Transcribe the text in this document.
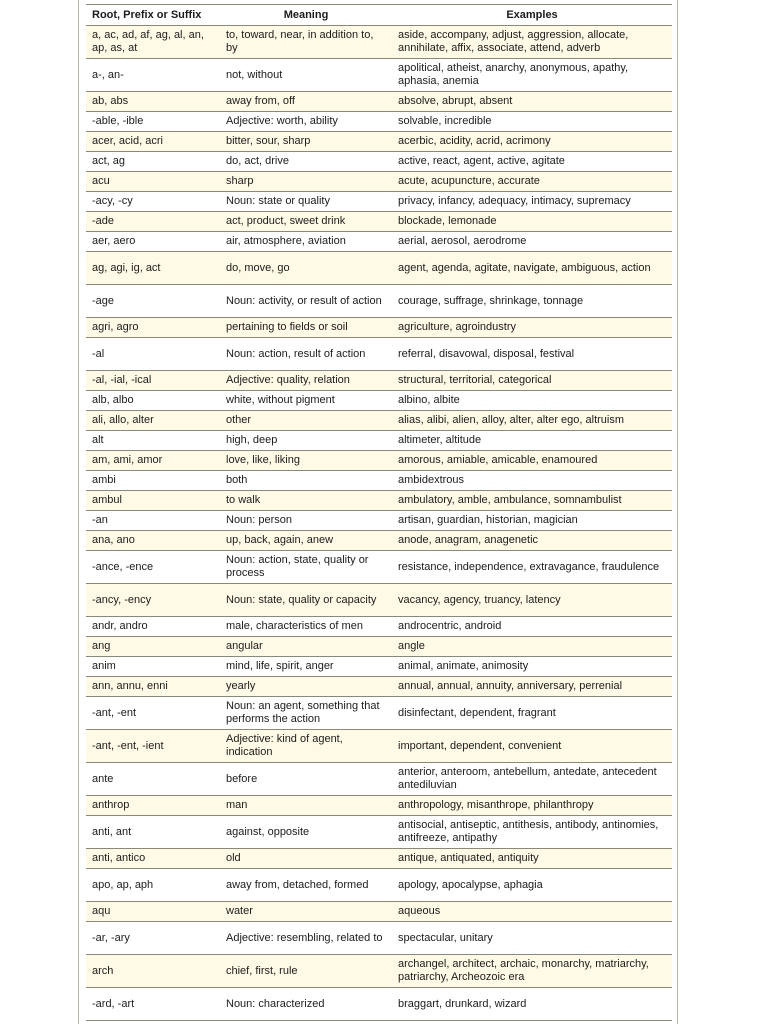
Root, Prefix or Suffix	Meaning	Examples
a, ac, ad, af, ag, al, an, ap, as, at	to, toward, near, in addition to, by	aside, accompany, adjust, aggression, allocate, annihilate, affix, associate, attend, adverb
a-, an-	not, without	apolitical, atheist, anarchy, anonymous, apathy, aphasia, anemia
ab, abs	away from, off	absolve, abrupt, absent
-able, -ible	Adjective: worth, ability	solvable, incredible
acer, acid, acri	bitter, sour, sharp	acerbic, acidity, acrid, acrimony
act, ag	do, act, drive	active, react, agent, active, agitate
acu	sharp	acute, acupuncture, accurate
-acy, -cy	Noun: state or quality	privacy, infancy, adequacy, intimacy, supremacy
-ade	act, product, sweet drink	blockade, lemonade
aer, aero	air, atmosphere, aviation	aerial, aerosol, aerodrome
ag, agi, ig, act	do, move, go	agent, agenda, agitate, navigate, ambiguous, action
-age	Noun: activity, or result of action	courage, suffrage, shrinkage, tonnage
agri, agro	pertaining to fields or soil	agriculture, agroindustry
-al	Noun: action, result of action	referral, disavowal, disposal, festival
-al, -ial, -ical	Adjective: quality, relation	structural, territorial, categorical
alb, albo	white, without pigment	albino, albite
ali, allo, alter	other	alias, alibi, alien, alloy, alter, alter ego, altruism
alt	high, deep	altimeter, altitude
am, ami, amor	love, like, liking	amorous, amiable, amicable, enamoured
ambi	both	ambidextrous
ambul	to walk	ambulatory, amble, ambulance, somnambulist
-an	Noun: person	artisan, guardian, historian, magician
ana, ano	up, back, again, anew	anode, anagram, anagenetic
-ance, -ence	Noun: action, state, quality or process	resistance, independence, extravagance, fraudulence
-ancy, -ency	Noun: state, quality or capacity	vacancy, agency, truancy, latency
andr, andro	male, characteristics of men	androcentric, android
ang	angular	angle
anim	mind, life, spirit, anger	animal, animate, animosity
ann, annu, enni	yearly	annual, annual, annuity, anniversary, perrenial
-ant, -ent	Noun: an agent, something that performs the action	disinfectant, dependent, fragrant
-ant, -ent, -ient	Adjective: kind of agent, indication	important, dependent, convenient
ante	before	anterior, anteroom, antebellum, antedate, antecedent antediluvian
anthrop	man	anthropology, misanthrope, philanthropy
anti, ant	against, opposite	antisocial, antiseptic, antithesis, antibody, antinomies, antifreeze, antipathy
anti, antico	old	antique, antiquated, antiquity
apo, ap, aph	away from, detached, formed	apology, apocalypse, aphagia
aqu	water	aqueous
-ar, -ary	Adjective: resembling, related to	spectacular, unitary
arch	chief, first, rule	archangel, architect, archaic, monarchy, matriarchy, patriarchy, Archeozoic era
-ard, -art	Noun: characterized	braggart, drunkard, wizard
